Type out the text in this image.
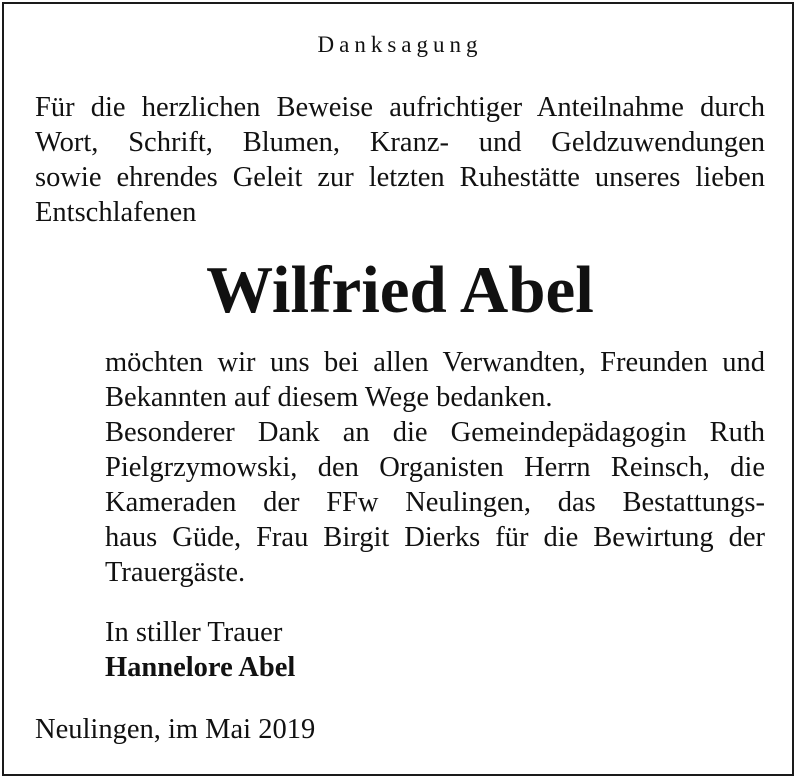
Danksagung
Für die herzlichen Beweise aufrichtiger Anteilnahme durch
Wort, Schrift, Blumen, Kranz- und Geldzuwendungen
sowie ehrendes Geleit zur letzten Ruhestätte unseres lieben
Entschlafenen
Wilfried Abel
möchten wir uns bei allen Verwandten, Freunden und
Bekannten auf diesem Wege bedanken.
Besonderer Dank an die Gemeindepädagogin Ruth
Pielgrzymowski, den Organisten Herrn Reinsch, die
Kameraden der FFw Neulingen, das Bestattungs-
haus Güde, Frau Birgit Dierks für die Bewirtung der
Trauergäste.
In stiller Trauer
Hannelore Abel
Neulingen, im Mai 2019
